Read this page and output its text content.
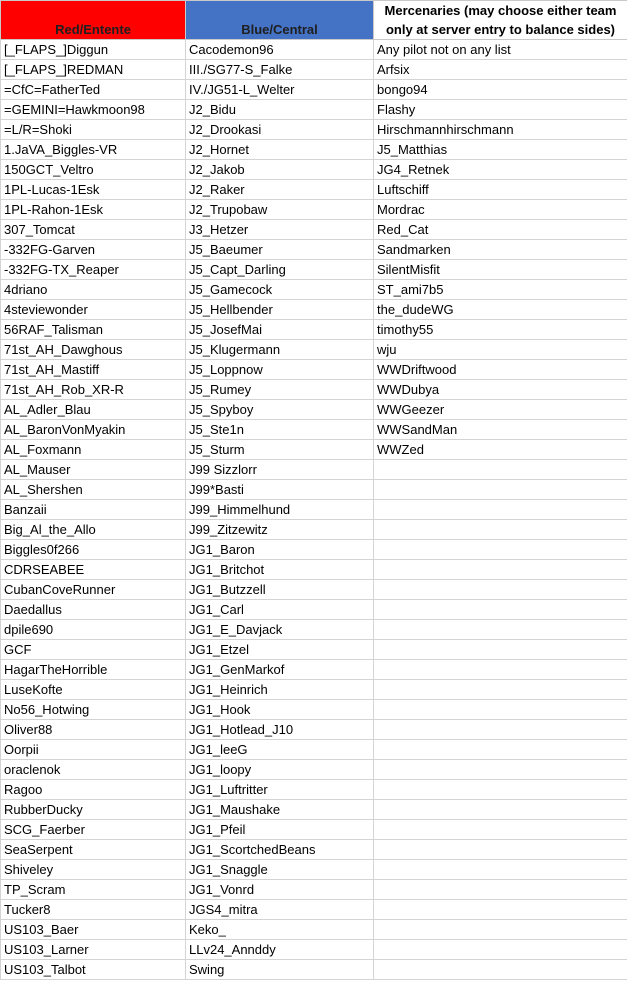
Red/Entente	Blue/Central	Mercenaries (may choose either team only at server entry to balance sides)
[_FLAPS_]Diggun	Cacodemon96	Any pilot not on any list
[_FLAPS_]REDMAN	III./SG77-S_Falke	Arfsix
=CfC=FatherTed	IV./JG51-L_Welter	bongo94
=GEMINI=Hawkmoon98	J2_Bidu	Flashy
=L/R=Shoki	J2_Drookasi	Hirschmannhirschmann
1.JaVA_Biggles-VR	J2_Hornet	J5_Matthias
150GCT_Veltro	J2_Jakob	JG4_Retnek
1PL-Lucas-1Esk	J2_Raker	Luftschiff
1PL-Rahon-1Esk	J2_Trupobaw	Mordrac
307_Tomcat	J3_Hetzer	Red_Cat
-332FG-Garven	J5_Baeumer	Sandmarken
-332FG-TX_Reaper	J5_Capt_Darling	SilentMisfit
4driano	J5_Gamecock	ST_ami7b5
4steviewonder	J5_Hellbender	the_dudeWG
56RAF_Talisman	J5_JosefMai	timothy55
71st_AH_Dawghous	J5_Klugermann	wju
71st_AH_Mastiff	J5_Loppnow	WWDriftwood
71st_AH_Rob_XR-R	J5_Rumey	WWDubya
AL_Adler_Blau	J5_Spyboy	WWGeezer
AL_BaronVonMyakin	J5_Ste1n	WWSandMan
AL_Foxmann	J5_Sturm	WWZed
AL_Mauser	J99 Sizzlorr	
AL_Shershen	J99*Basti	
Banzaii	J99_Himmelhund	
Big_Al_the_Allo	J99_Zitzewitz	
Biggles0f266	JG1_Baron	
CDRSEABEE	JG1_Britchot	
CubanCoveRunner	JG1_Butzzell	
Daedallus	JG1_Carl	
dpile690	JG1_E_Davjack	
GCF	JG1_Etzel	
HagarTheHorrible	JG1_GenMarkof	
LuseKofte	JG1_Heinrich	
No56_Hotwing	JG1_Hook	
Oliver88	JG1_Hotlead_J10	
Oorpii	JG1_leeG	
oraclenok	JG1_loopy	
Ragoo	JG1_Luftritter	
RubberDucky	JG1_Maushake	
SCG_Faerber	JG1_Pfeil	
SeaSerpent	JG1_ScortchedBeans	
Shiveley	JG1_Snaggle	
TP_Scram	JG1_Vonrd	
Tucker8	JGS4_mitra	
US103_Baer	Keko_	
US103_Larner	LLv24_Annddy	
US103_Talbot	Swing	
